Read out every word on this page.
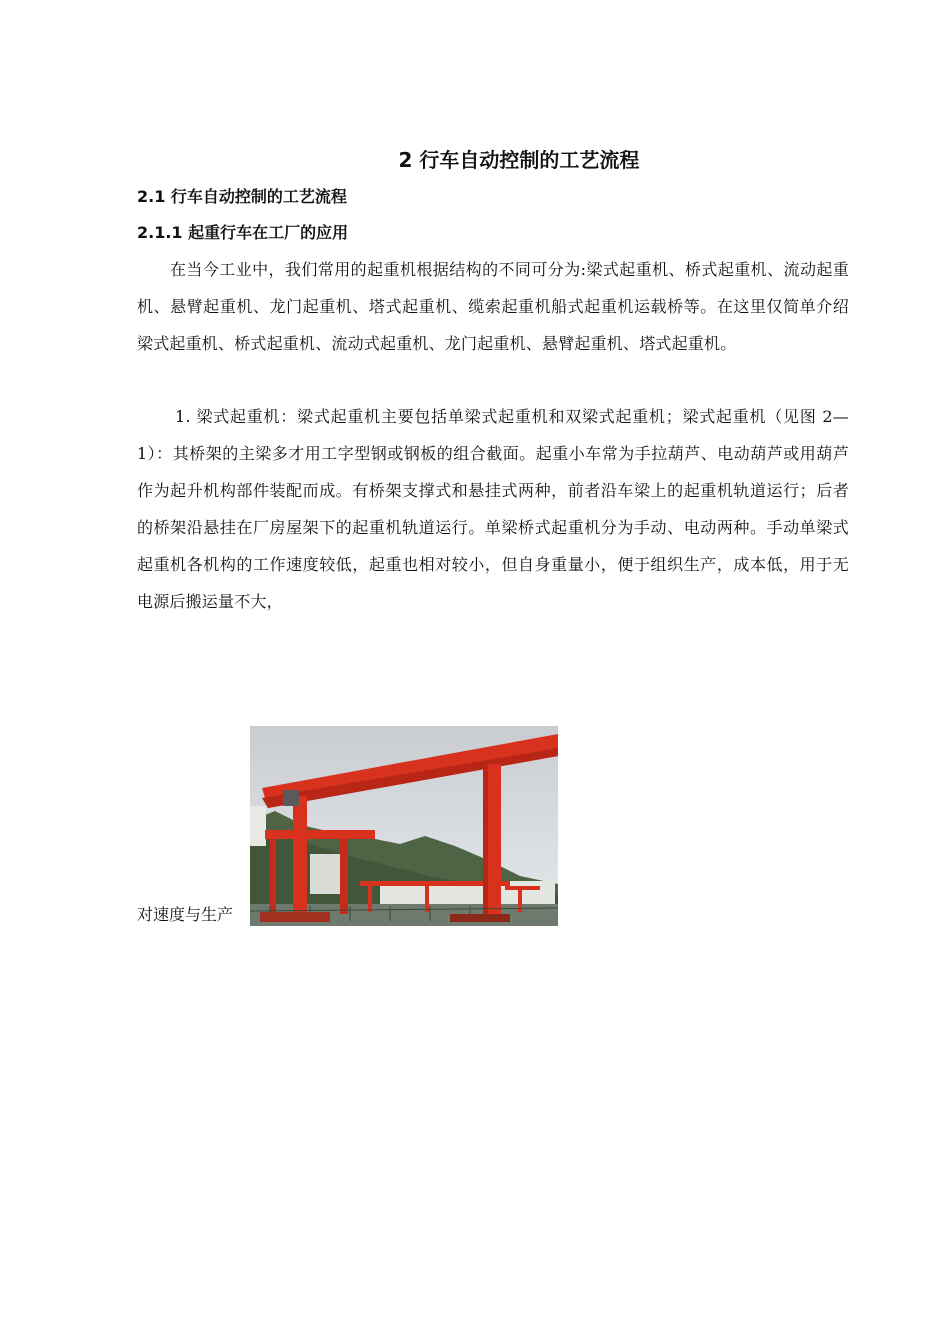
2 行车自动控制的工艺流程
2.1 行车自动控制的工艺流程
2.1.1 起重行车在工厂的应用

在当今工业中，我们常用的起重机根据结构的不同可分为:梁式起重机、桥式起重机、流动起重机、悬臂起重机、龙门起重机、塔式起重机、缆索起重机船式起重机运载桥等。在这里仅简单介绍梁式起重机、桥式起重机、流动式起重机、龙门起重机、悬臂起重机、塔式起重机。

1. 梁式起重机：梁式起重机主要包括单梁式起重机和双梁式起重机；梁式起重机（见图 2—1）：其桥架的主梁多才用工字型钢或钢板的组合截面。起重小车常为手拉葫芦、电动葫芦或用葫芦作为起升机构部件装配而成。有桥架支撑式和悬挂式两种，前者沿车梁上的起重机轨道运行；后者的桥架沿悬挂在厂房屋架下的起重机轨道运行。单梁桥式起重机分为手动、电动两种。手动单梁式起重机各机构的工作速度较低，起重也相对较小，但自身重量小，便于组织生产，成本低，用于无电源后搬运量不大，

对速度与生产
